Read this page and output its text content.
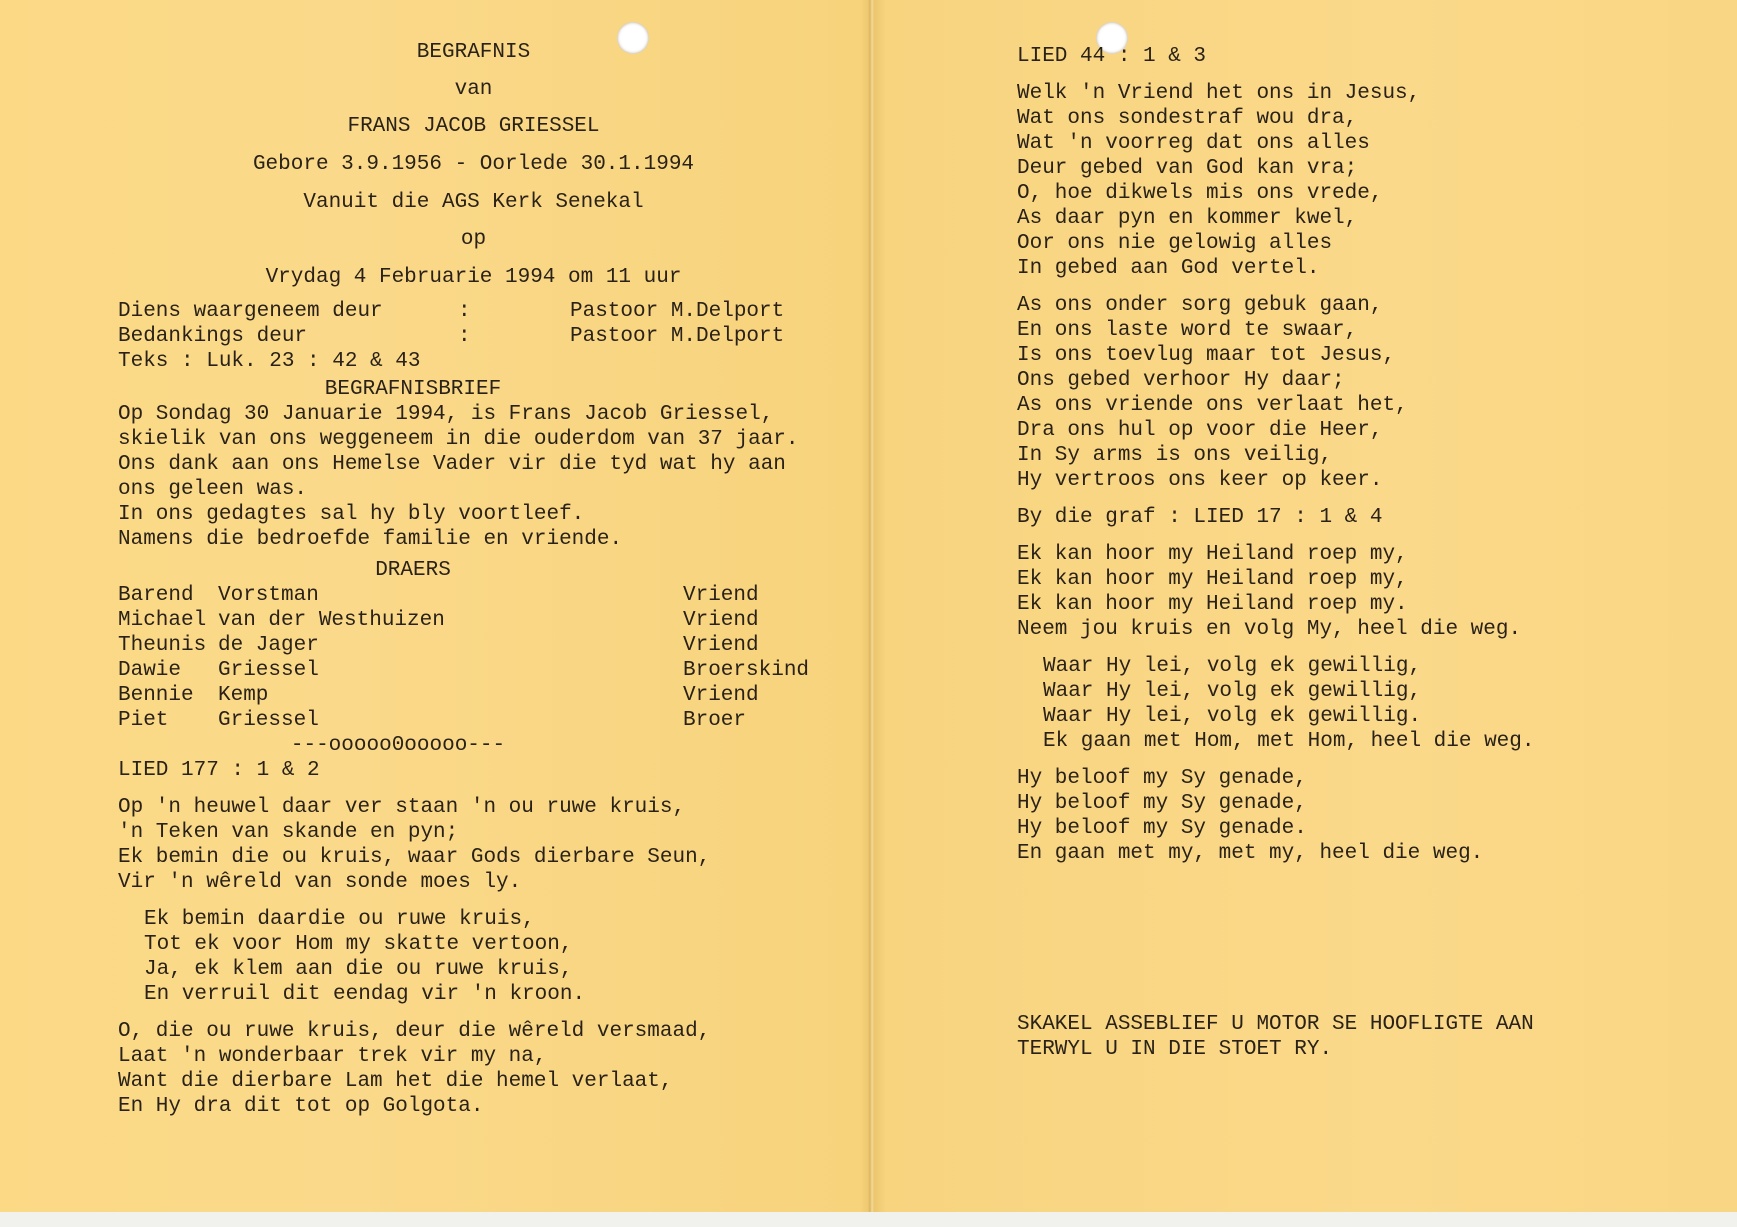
BEGRAFNIS
van
FRANS JACOB GRIESSEL
Gebore 3.9.1956 - Oorlede 30.1.1994
Vanuit die AGS Kerk Senekal
op
Vrydag 4 Februarie 1994 om 11 uur
Diens waargeneem deur	:	Pastoor M.Delport
Bedankings deur	:	Pastoor M.Delport
Teks : Luk. 23 : 42 & 43
BEGRAFNISBRIEF
Op Sondag 30 Januarie 1994, is Frans Jacob Griessel,
skielik van ons weggeneem in die ouderdom van 37 jaar.
Ons dank aan ons Hemelse Vader vir die tyd wat hy aan
ons geleen was.
In ons gedagtes sal hy bly voortleef.
Namens die bedroefde familie en vriende.
DRAERS
Barend	Vorstman	Vriend
Michael van der Westhuizen	Vriend
Theunis de Jager	Vriend
Dawie	Griessel	Broerskind
Bennie	Kemp	Vriend
Piet	Griessel	Broer
---ooooo0ooooo---
LIED 177 : 1 & 2
Op 'n heuwel daar ver staan 'n ou ruwe kruis,
'n Teken van skande en pyn;
Ek bemin die ou kruis, waar Gods dierbare Seun,
Vir 'n wêreld van sonde moes ly.
Ek bemin daardie ou ruwe kruis,
Tot ek voor Hom my skatte vertoon,
Ja, ek klem aan die ou ruwe kruis,
En verruil dit eendag vir 'n kroon.
O, die ou ruwe kruis, deur die wêreld versmaad,
Laat 'n wonderbaar trek vir my na,
Want die dierbare Lam het die hemel verlaat,
En Hy dra dit tot op Golgota.
LIED 44 : 1 & 3
Welk 'n Vriend het ons in Jesus,
Wat ons sondestraf wou dra,
Wat 'n voorreg dat ons alles
Deur gebed van God kan vra;
O, hoe dikwels mis ons vrede,
As daar pyn en kommer kwel,
Oor ons nie gelowig alles
In gebed aan God vertel.
As ons onder sorg gebuk gaan,
En ons laste word te swaar,
Is ons toevlug maar tot Jesus,
Ons gebed verhoor Hy daar;
As ons vriende ons verlaat het,
Dra ons hul op voor die Heer,
In Sy arms is ons veilig,
Hy vertroos ons keer op keer.
By die graf : LIED 17 : 1 & 4
Ek kan hoor my Heiland roep my,
Ek kan hoor my Heiland roep my,
Ek kan hoor my Heiland roep my.
Neem jou kruis en volg My, heel die weg.
Waar Hy lei, volg ek gewillig,
Waar Hy lei, volg ek gewillig,
Waar Hy lei, volg ek gewillig.
Ek gaan met Hom, met Hom, heel die weg.
Hy beloof my Sy genade,
Hy beloof my Sy genade,
Hy beloof my Sy genade.
En gaan met my, met my, heel die weg.
SKAKEL ASSEBLIEF U MOTOR SE HOOFLIGTE AAN
TERWYL U IN DIE STOET RY.
